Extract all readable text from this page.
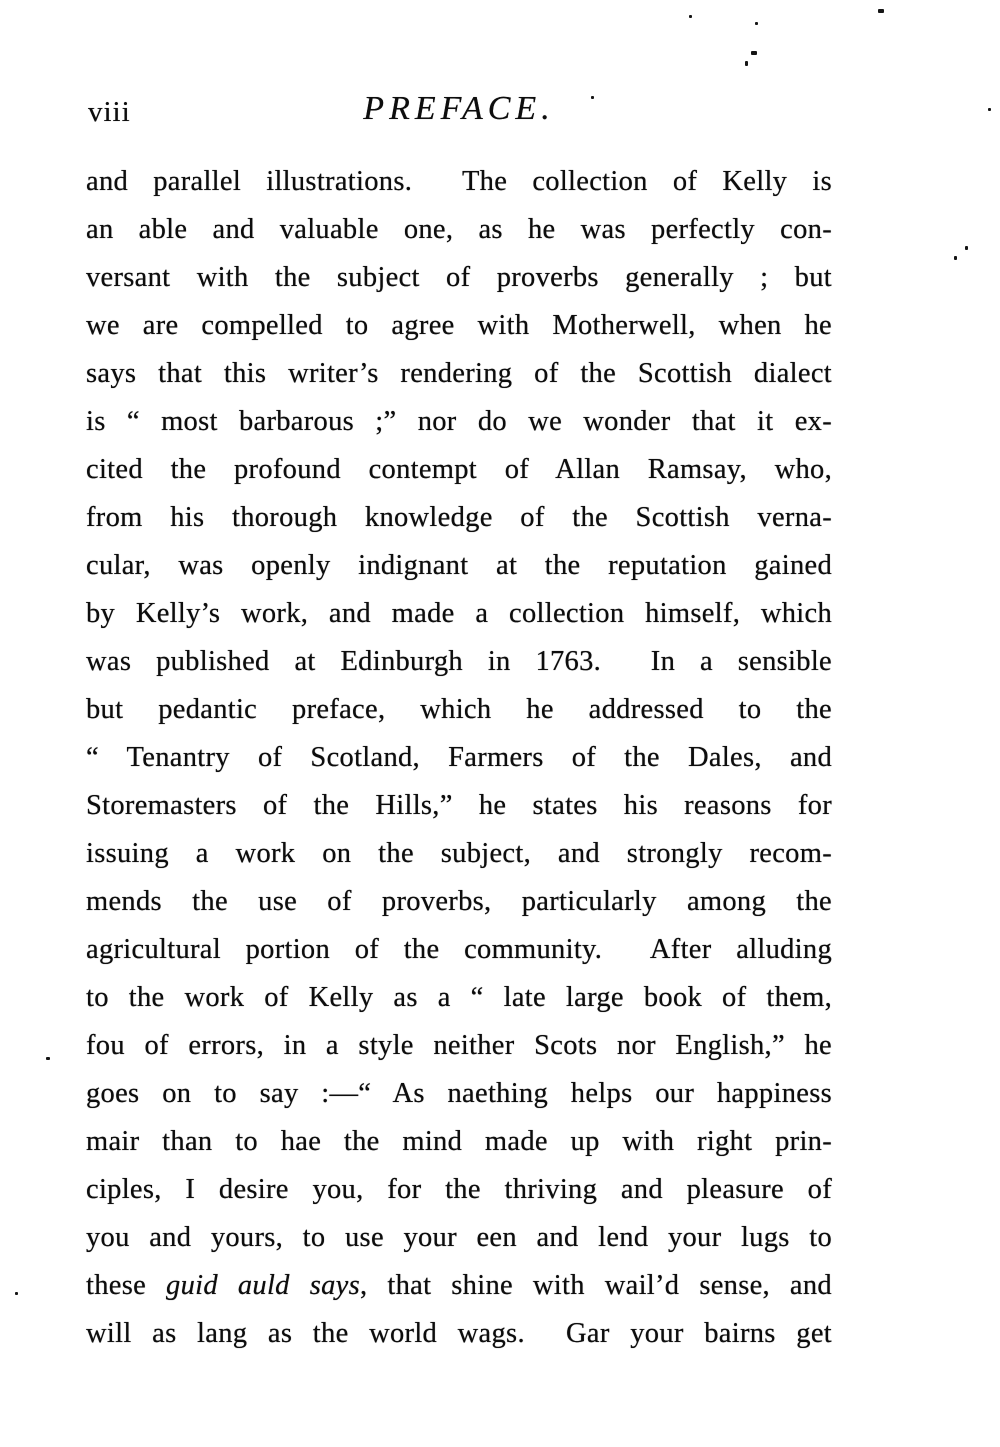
viii	PREFACE.
and parallel illustrations.  The collection of Kelly is
an able and valuable one, as he was perfectly con-
versant with the subject of proverbs generally ; but
we are compelled to agree with Motherwell, when he
says that this writer’s rendering of the Scottish dialect
is “ most barbarous ;” nor do we wonder that it ex-
cited the profound contempt of Allan Ramsay, who,
from his thorough knowledge of the Scottish verna-
cular, was openly indignant at the reputation gained
by Kelly’s work, and made a collection himself, which
was published at Edinburgh in 1763.  In a sensible
but pedantic preface, which he addressed to the
“ Tenantry of Scotland, Farmers of the Dales, and
Storemasters of the Hills,” he states his reasons for
issuing a work on the subject, and strongly recom-
mends the use of proverbs, particularly among the
agricultural portion of the community.  After alluding
to the work of Kelly as a “ late large book of them,
fou of errors, in a style neither Scots nor English,” he
goes on to say :—“ As naething helps our happiness
mair than to hae the mind made up with right prin-
ciples, I desire you, for the thriving and pleasure of
you and yours, to use your een and lend your lugs to
these guid auld says, that shine with wail’d sense, and
will as lang as the world wags.  Gar your bairns get
